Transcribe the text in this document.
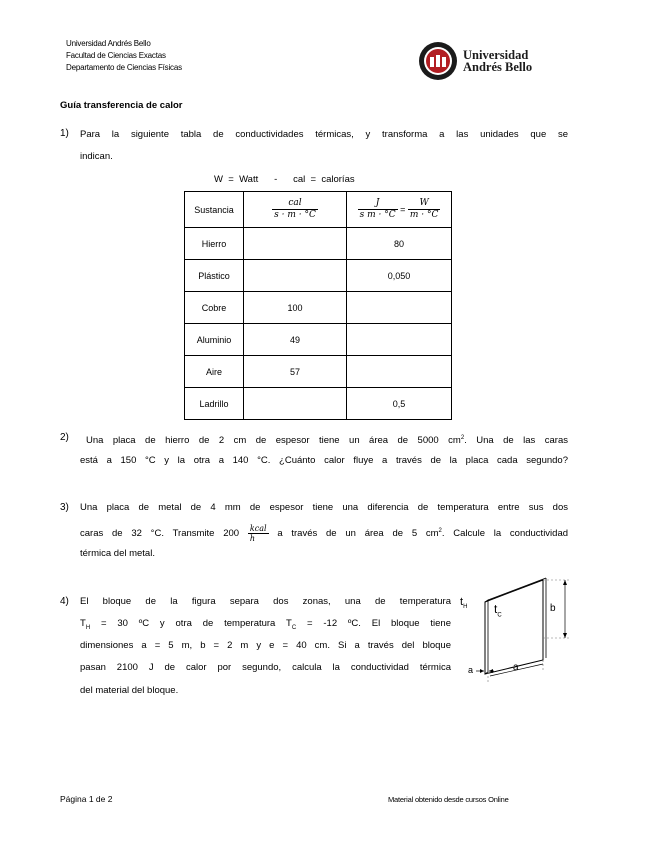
Universidad Andrés Bello
Facultad de Ciencias Exactas
Departamento de Ciencias Físicas
Universidad
Andrés Bello
Guía transferencia de calor
1) Para la siguiente tabla de conductividades térmicas, y transforma a las unidades que se
indican.
W  =  Watt      -      cal  =  calorías
Sustancia	$\frac{\text{cal}}{s \cdot m \cdot ^\circ C}$	$\frac{J}{\text{s m · °C}} = \frac{W}{m \cdot ^\circ C}$

Hierro		80
Plástico		0,050
Cobre	100	
Aluminio	49	
Aire	57	
Ladrillo		0,5
2) Una placa de hierro de 2 cm de espesor tiene un área de 5000 $cm^2$. Una de las caras
está a 150 °C y la otra a 140 °C. ¿Cuánto calor fluye a través de la placa cada segundo?
3) Una placa de metal de 4 mm de espesor tiene una diferencia de temperatura entre sus dos
caras de 32 °C. Transmite $200 \frac{\text{kcal}}{h}$ a través de un área de 5 $cm^2$. Calcule la conductividad
térmica del metal.
4) El bloque de la figura separa dos zonas, una de temperatura
$T_H = 30$ ºC y otra de temperatura $T_C = -12$ ºC. El bloque tiene
dimensiones a = 5 m, b = 2 m y e = 40 cm. Si a través del bloque
pasan 2100 J de calor por segundo, calcula la conductividad térmica
del material del bloque.
$t_H$ $t_C$
b
a	a
Página 1 de 2	Material obtenido desde cursos Online
